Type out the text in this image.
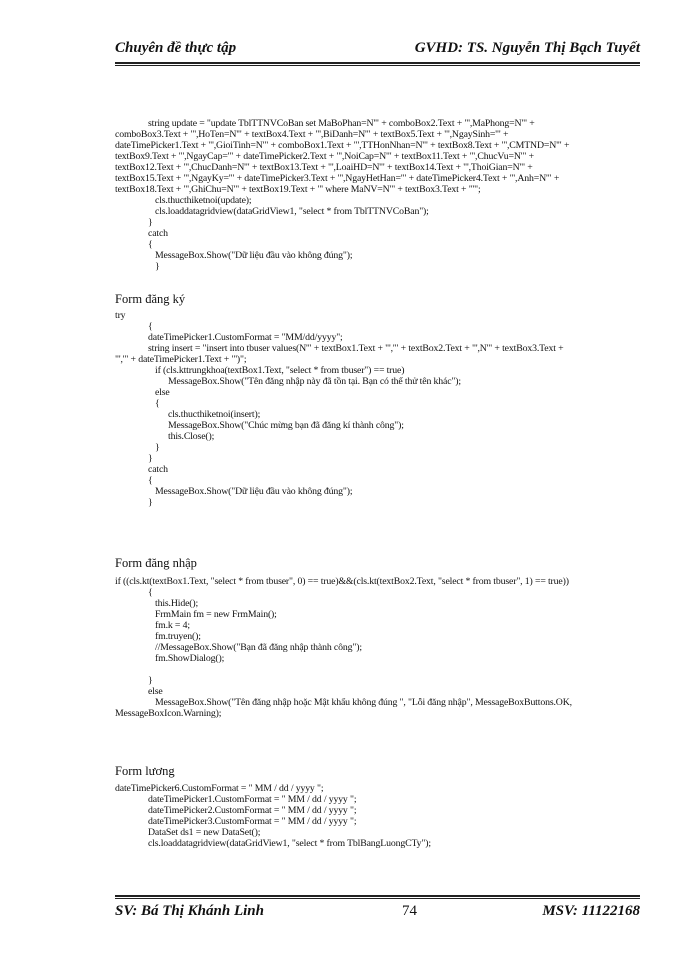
Chuyên đề thực tập	GVHD: TS. Nguyễn Thị Bạch Tuyết
string update = "update TblTTNVCoBan set MaBoPhan=N'" + comboBox2.Text + "',MaPhong=N'" +
comboBox3.Text + "',HoTen=N'" + textBox4.Text + "',BiDanh=N'" + textBox5.Text + "',NgaySinh='" +
dateTimePicker1.Text + "',GioiTinh=N'" + comboBox1.Text + "',TTHonNhan=N'" + textBox8.Text + "',CMTND=N'" +
textBox9.Text + "',NgayCap='" + dateTimePicker2.Text + "',NoiCap=N'" + textBox11.Text + "',ChucVu=N'" +
textBox12.Text + "',ChucDanh=N'" + textBox13.Text + "',LoaiHD=N'" + textBox14.Text + "',ThoiGian=N'" +
textBox15.Text + "',NgayKy='" + dateTimePicker3.Text + "',NgayHetHan='" + dateTimePicker4.Text + "',Anh=N'" +
textBox18.Text + "',GhiChu=N'" + textBox19.Text + "' where MaNV=N'" + textBox3.Text + "'";
cls.thucthiketnoi(update);
cls.loaddatagridview(dataGridView1, "select * from TblTTNVCoBan");
}
catch
{
MessageBox.Show("Dữ liệu đầu vào không đúng");
}
Form đăng ký
try
{
dateTimePicker1.CustomFormat = "MM/dd/yyyy";
string insert = "insert into tbuser values(N'" + textBox1.Text + "','" + textBox2.Text + "',N'" + textBox3.Text +
"','" + dateTimePicker1.Text + "')";
if (cls.kttrungkhoa(textBox1.Text, "select * from tbuser") == true)
MessageBox.Show("Tên đăng nhập này đã tồn tại. Bạn có thể thử tên khác");
else
{
cls.thucthiketnoi(insert);
MessageBox.Show("Chúc mừng bạn đã đăng kí thành công");
this.Close();
}
}
catch
{
MessageBox.Show("Dữ liệu đầu vào không đúng");
}
Form đăng nhập
if ((cls.kt(textBox1.Text, "select * from tbuser", 0) == true)&&(cls.kt(textBox2.Text, "select * from tbuser", 1) == true))
{
this.Hide();
FrmMain fm = new FrmMain();
fm.k = 4;
fm.truyen();
//MessageBox.Show("Bạn đã đăng nhập thành công");
fm.ShowDialog();
}
else
MessageBox.Show("Tên đăng nhập hoặc Mật khẩu không đúng ", "Lỗi đăng nhập", MessageBoxButtons.OK,
MessageBoxIcon.Warning);
Form lương
dateTimePicker6.CustomFormat = " MM / dd / yyyy ";
dateTimePicker1.CustomFormat = " MM / dd / yyyy ";
dateTimePicker2.CustomFormat = " MM / dd / yyyy ";
dateTimePicker3.CustomFormat = " MM / dd / yyyy ";
DataSet ds1 = new DataSet();
cls.loaddatagridview(dataGridView1, "select * from TblBangLuongCTy");
SV: Bá Thị Khánh Linh	74	MSV: 11122168
